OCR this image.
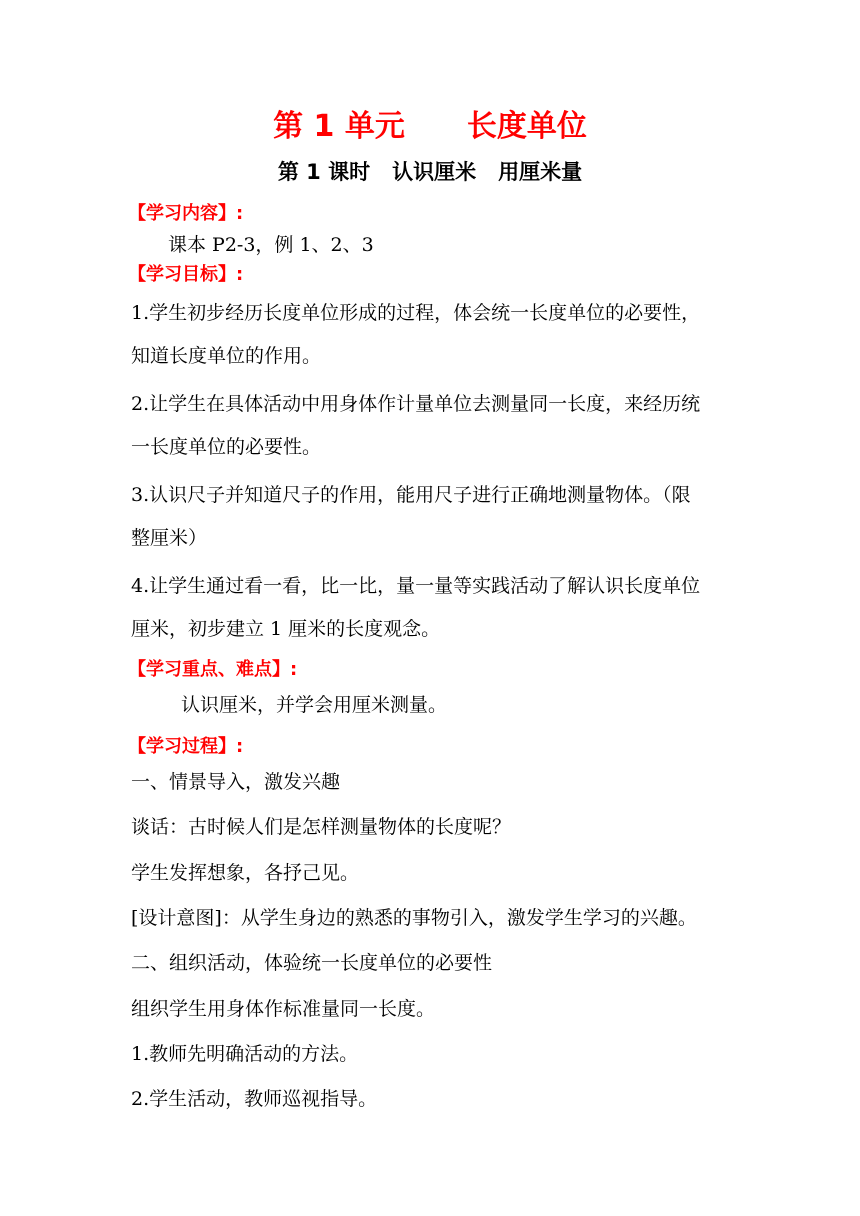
第 1 单元 长度单位
第 1 课时 认识厘米 用厘米量
【学习内容】:
课本 P2-3，例 1、2、3
【学习目标】:
1.学生初步经历长度单位形成的过程，体会统一长度单位的必要性，
知道长度单位的作用。
2.让学生在具体活动中用身体作计量单位去测量同一长度，来经历统
一长度单位的必要性。
3.认识尺子并知道尺子的作用，能用尺子进行正确地测量物体。（限
整厘米）
4.让学生通过看一看，比一比，量一量等实践活动了解认识长度单位
厘米，初步建立 1 厘米的长度观念。
【学习重点、难点】:
认识厘米，并学会用厘米测量。
【学习过程】:
一、情景导入，激发兴趣
谈话：古时候人们是怎样测量物体的长度呢？
学生发挥想象，各抒己见。
[设计意图]：从学生身边的熟悉的事物引入，激发学生学习的兴趣。
二、组织活动，体验统一长度单位的必要性
组织学生用身体作标准量同一长度。
1.教师先明确活动的方法。
2.学生活动，教师巡视指导。
